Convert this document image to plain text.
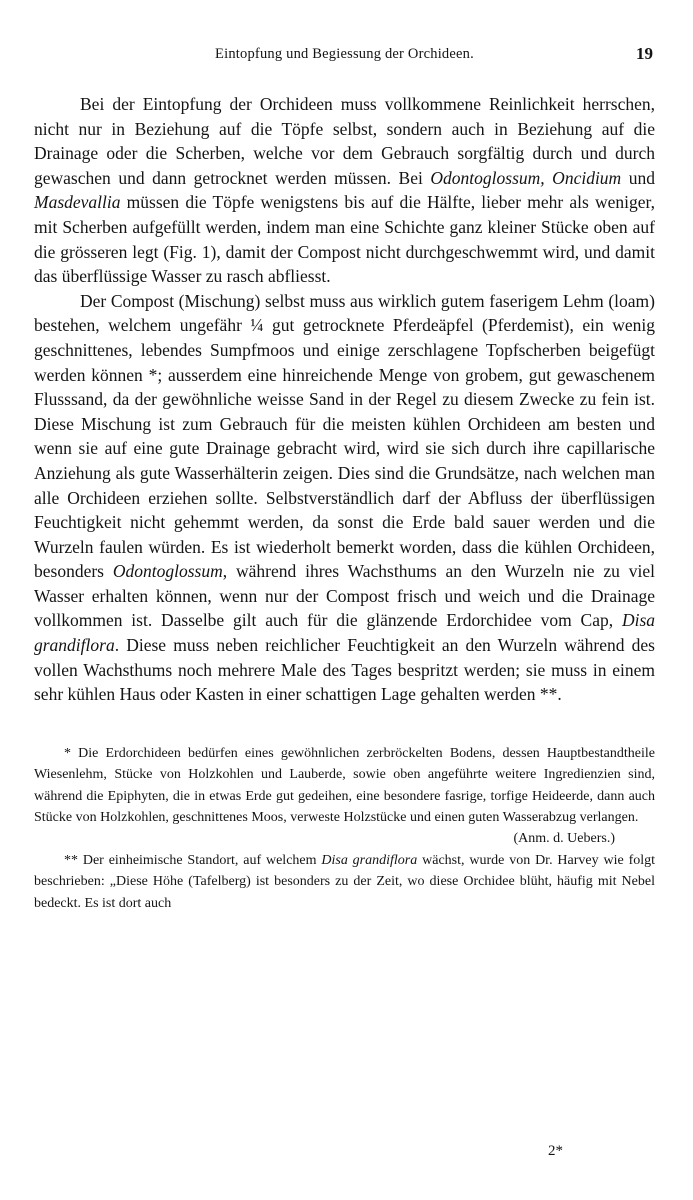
Eintopfung und Begiessung der Orchideen.	19

Bei der Eintopfung der Orchideen muss vollkommene Reinlichkeit herrschen, nicht nur in Beziehung auf die Töpfe selbst, sondern auch in Beziehung auf die Drainage oder die Scherben, welche vor dem Gebrauch sorgfältig durch und durch gewaschen und dann getrocknet werden müssen. Bei Odontoglossum, Oncidium und Masdevallia müssen die Töpfe wenigstens bis auf die Hälfte, lieber mehr als weniger, mit Scherben aufgefüllt werden, indem man eine Schichte ganz kleiner Stücke oben auf die grösseren legt (Fig. 1), damit der Compost nicht durchgeschwemmt wird, und damit das überflüssige Wasser zu rasch abfliesst.

Der Compost (Mischung) selbst muss aus wirklich gutem faserigem Lehm (loam) bestehen, welchem ungefähr ¼ gut getrocknete Pferdeäpfel (Pferdemist), ein wenig geschnittenes, lebendes Sumpfmoos und einige zerschlagene Topfscherben beigefügt werden können *; ausserdem eine hinreichende Menge von grobem, gut gewaschenem Flusssand, da der gewöhnliche weisse Sand in der Regel zu diesem Zwecke zu fein ist. Diese Mischung ist zum Gebrauch für die meisten kühlen Orchideen am besten und wenn sie auf eine gute Drainage gebracht wird, wird sie sich durch ihre capillarische Anziehung als gute Wasserhälterin zeigen. Dies sind die Grundsätze, nach welchen man alle Orchideen erziehen sollte. Selbstverständlich darf der Abfluss der überflüssigen Feuchtigkeit nicht gehemmt werden, da sonst die Erde bald sauer werden und die Wurzeln faulen würden. Es ist wiederholt bemerkt worden, dass die kühlen Orchideen, besonders Odontoglossum, während ihres Wachsthums an den Wurzeln nie zu viel Wasser erhalten können, wenn nur der Compost frisch und weich und die Drainage vollkommen ist. Dasselbe gilt auch für die glänzende Erdorchidee vom Cap, Disa grandiflora. Diese muss neben reichlicher Feuchtigkeit an den Wurzeln während des vollen Wachsthums noch mehrere Male des Tages bespritzt werden; sie muss in einem sehr kühlen Haus oder Kasten in einer schattigen Lage gehalten werden **.

* Die Erdorchideen bedürfen eines gewöhnlichen zerbröckelten Bodens, dessen Hauptbestandtheile Wiesenlehm, Stücke von Holzkohlen und Lauberde, sowie oben angeführte weitere Ingredienzien sind, während die Epiphyten, die in etwas Erde gut gedeihen, eine besondere fasrige, torfige Heideerde, dann auch Stücke von Holzkohlen, geschnittenes Moos, verweste Holzstücke und einen guten Wasserabzug verlangen.

(Anm. d. Uebers.)

** Der einheimische Standort, auf welchem Disa grandiflora wächst, wurde von Dr. Harvey wie folgt beschrieben: „Diese Höhe (Tafelberg) ist besonders zu der Zeit, wo diese Orchidee blüht, häufig mit Nebel bedeckt. Es ist dort auch

2*
